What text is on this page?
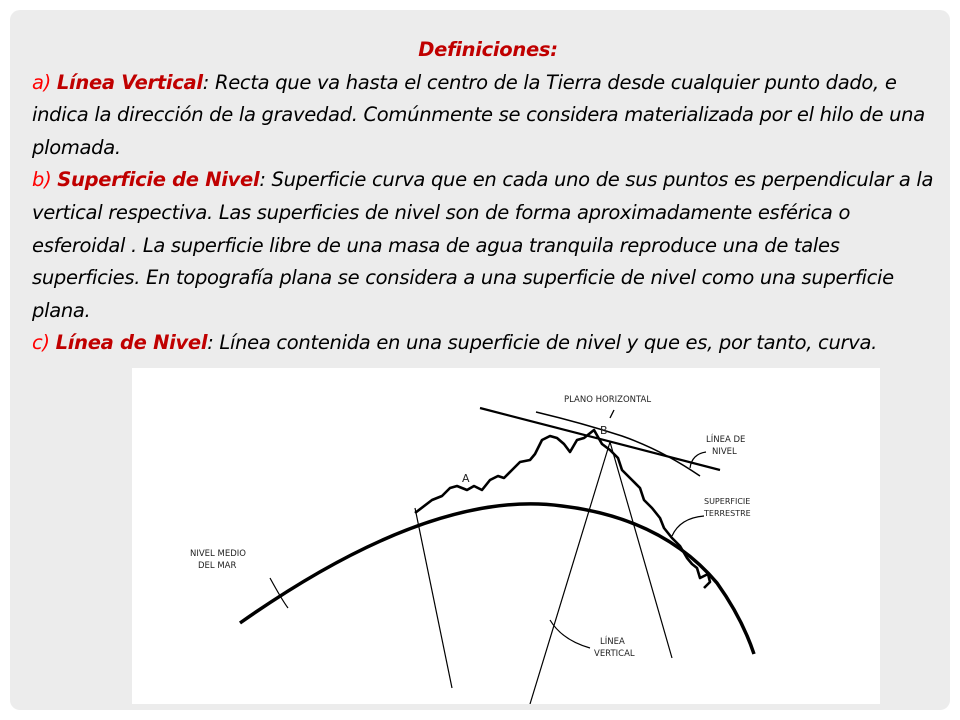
Definiciones:
a) Línea Vertical: Recta que va hasta el centro de la Tierra desde cualquier punto dado, e indica la dirección de la gravedad. Comúnmente se considera materializada por el hilo de una plomada.
b) Superficie de Nivel: Superficie curva que en cada uno de sus puntos es perpendicular a la vertical respectiva. Las superficies de nivel son de forma aproximadamente esférica o esferoidal . La superficie libre de una masa de agua tranquila reproduce una de tales superficies. En topografía plana se considera a una superficie de nivel como una superficie plana.
c) Línea de Nivel: Línea contenida en una superficie de nivel y que es, por tanto, curva.
PLANO HORIZONTAL
B
A
LÍNEA DE
NIVEL
SUPERFICIE
TERRESTRE
NIVEL MEDIO
DEL MAR
LÍNEA
VERTICAL
